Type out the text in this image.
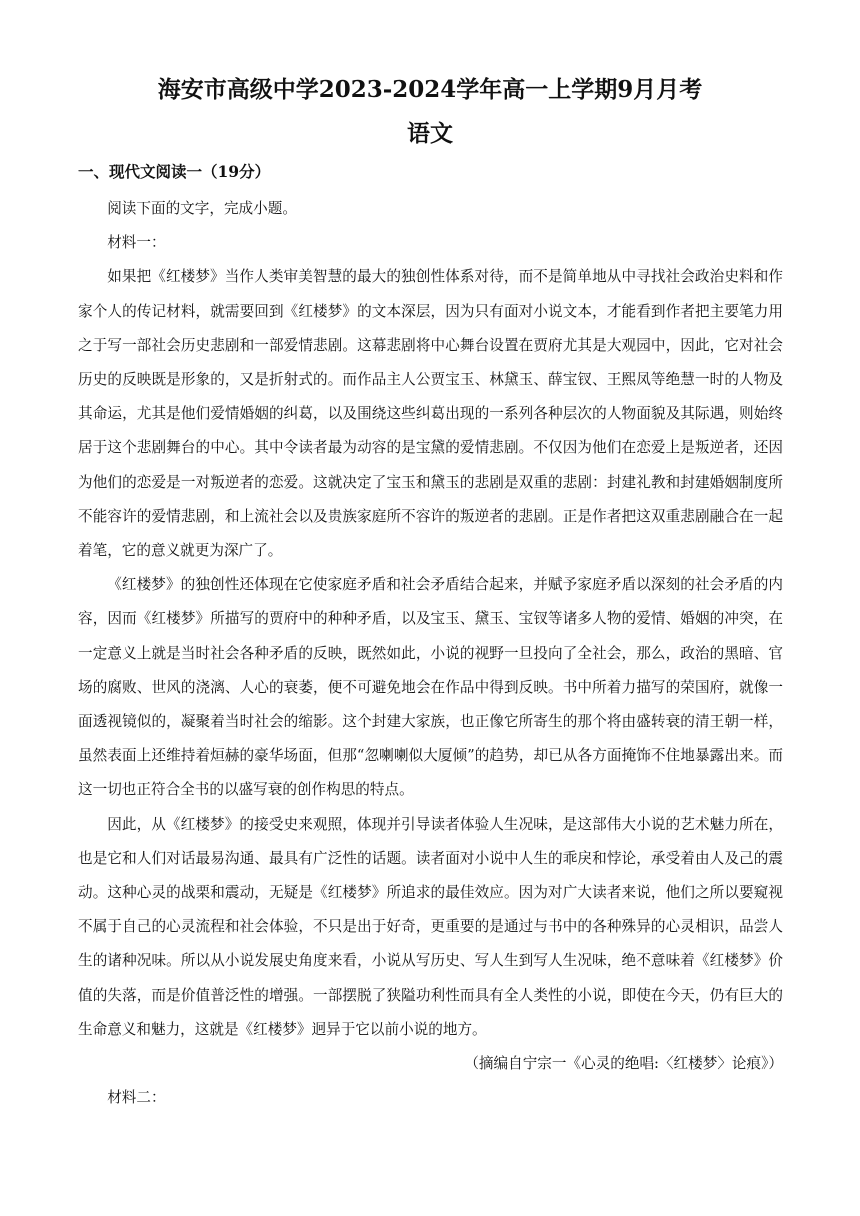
海安市高级中学2023-2024学年高一上学期9月月考
语文
一、现代文阅读一（19分）

阅读下面的文字，完成小题。

材料一：

如果把《红楼梦》当作人类审美智慧的最大的独创性体系对待，而不是简单地从中寻找社会政治史料和作家个人的传记材料，就需要回到《红楼梦》的文本深层，因为只有面对小说文本，才能看到作者把主要笔力用之于写一部社会历史悲剧和一部爱情悲剧。这幕悲剧将中心舞台设置在贾府尤其是大观园中，因此，它对社会历史的反映既是形象的，又是折射式的。而作品主人公贾宝玉、林黛玉、薛宝钗、王熙凤等绝慧一时的人物及其命运，尤其是他们爱情婚姻的纠葛，以及围绕这些纠葛出现的一系列各种层次的人物面貌及其际遇，则始终居于这个悲剧舞台的中心。其中令读者最为动容的是宝黛的爱情悲剧。不仅因为他们在恋爱上是叛逆者，还因为他们的恋爱是一对叛逆者的恋爱。这就决定了宝玉和黛玉的悲剧是双重的悲剧：封建礼教和封建婚姻制度所不能容许的爱情悲剧，和上流社会以及贵族家庭所不容许的叛逆者的悲剧。正是作者把这双重悲剧融合在一起着笔，它的意义就更为深广了。

《红楼梦》的独创性还体现在它使家庭矛盾和社会矛盾结合起来，并赋予家庭矛盾以深刻的社会矛盾的内容，因而《红楼梦》所描写的贾府中的种种矛盾，以及宝玉、黛玉、宝钗等诸多人物的爱情、婚姻的冲突，在一定意义上就是当时社会各种矛盾的反映，既然如此，小说的视野一旦投向了全社会，那么，政治的黑暗、官场的腐败、世风的浇漓、人心的衰萎，便不可避免地会在作品中得到反映。书中所着力描写的荣国府，就像一面透视镜似的，凝聚着当时社会的缩影。这个封建大家族，也正像它所寄生的那个将由盛转衰的清王朝一样，虽然表面上还维持着烜赫的豪华场面，但那“忽喇喇似大厦倾”的趋势，却已从各方面掩饰不住地暴露出来。而这一切也正符合全书的以盛写衰的创作构思的特点。

因此，从《红楼梦》的接受史来观照，体现并引导读者体验人生况味，是这部伟大小说的艺术魅力所在，也是它和人们对话最易沟通、最具有广泛性的话题。读者面对小说中人生的乖戾和悖论，承受着由人及己的震动。这种心灵的战栗和震动，无疑是《红楼梦》所追求的最佳效应。因为对广大读者来说，他们之所以要窥视不属于自己的心灵流程和社会体验，不只是出于好奇，更重要的是通过与书中的各种殊异的心灵相识，品尝人生的诸种况味。所以从小说发展史角度来看，小说从写历史、写人生到写人生况味，绝不意味着《红楼梦》价值的失落，而是价值普泛性的增强。一部摆脱了狭隘功利性而具有全人类性的小说，即使在今天，仍有巨大的生命意义和魅力，这就是《红楼梦》迥异于它以前小说的地方。

（摘编自宁宗一《心灵的绝唱:〈红楼梦〉论痕》）

材料二：
